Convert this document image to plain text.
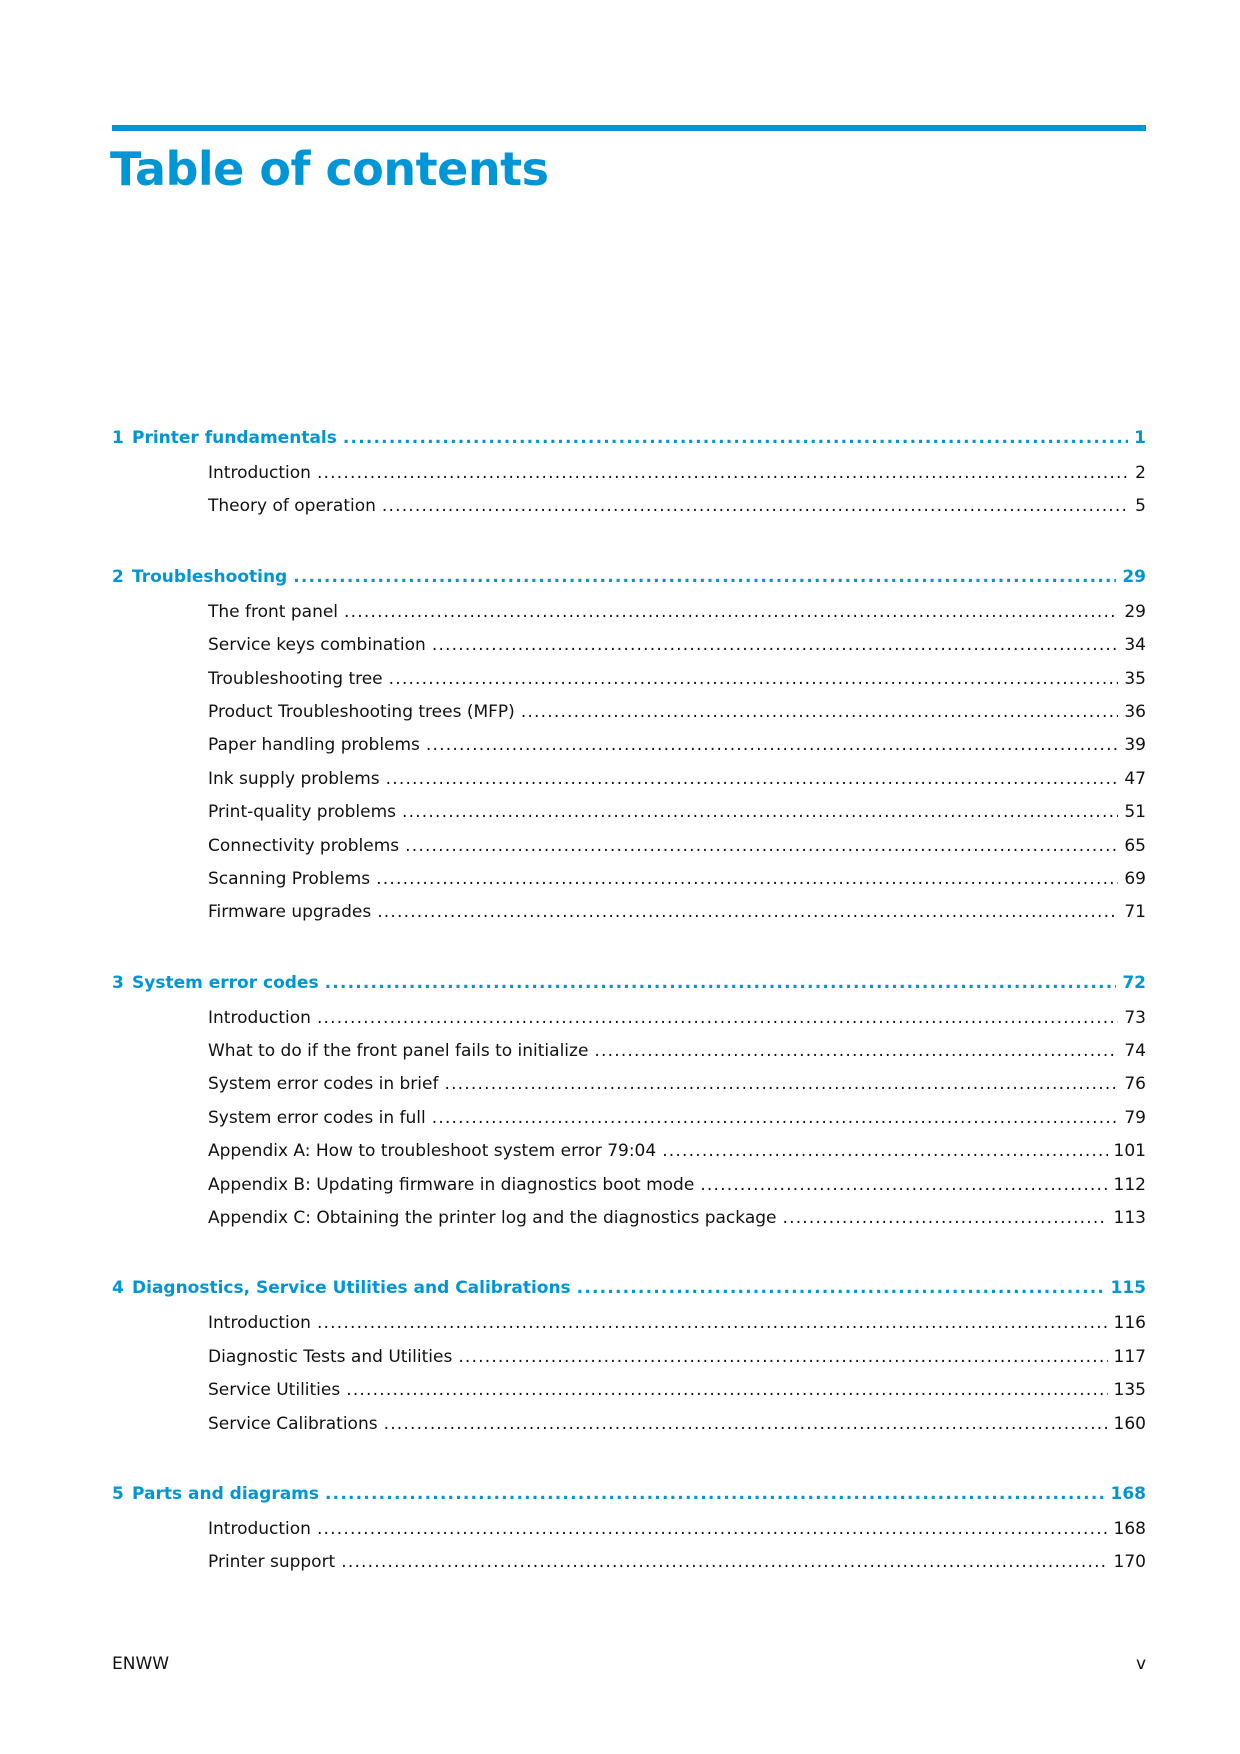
Table of contents
1 Printer fundamentals .....	1
Introduction .....	2
Theory of operation .....	5
2 Troubleshooting .....	29
The front panel .....	29
Service keys combination .....	34
Troubleshooting tree .....	35
Product Troubleshooting trees (MFP) .....	36
Paper handling problems .....	39
Ink supply problems .....	47
Print-quality problems .....	51
Connectivity problems .....	65
Scanning Problems .....	69
Firmware upgrades .....	71
3 System error codes .....	72
Introduction .....	73
What to do if the front panel fails to initialize .....	74
System error codes in brief .....	76
System error codes in full .....	79
Appendix A: How to troubleshoot system error 79:04 .....	101
Appendix B: Updating firmware in diagnostics boot mode .....	112
Appendix C: Obtaining the printer log and the diagnostics package .....	113
4 Diagnostics, Service Utilities and Calibrations .....	115
Introduction .....	116
Diagnostic Tests and Utilities .....	117
Service Utilities .....	135
Service Calibrations .....	160
5 Parts and diagrams .....	168
Introduction .....	168
Printer support .....	170
ENWW	v
